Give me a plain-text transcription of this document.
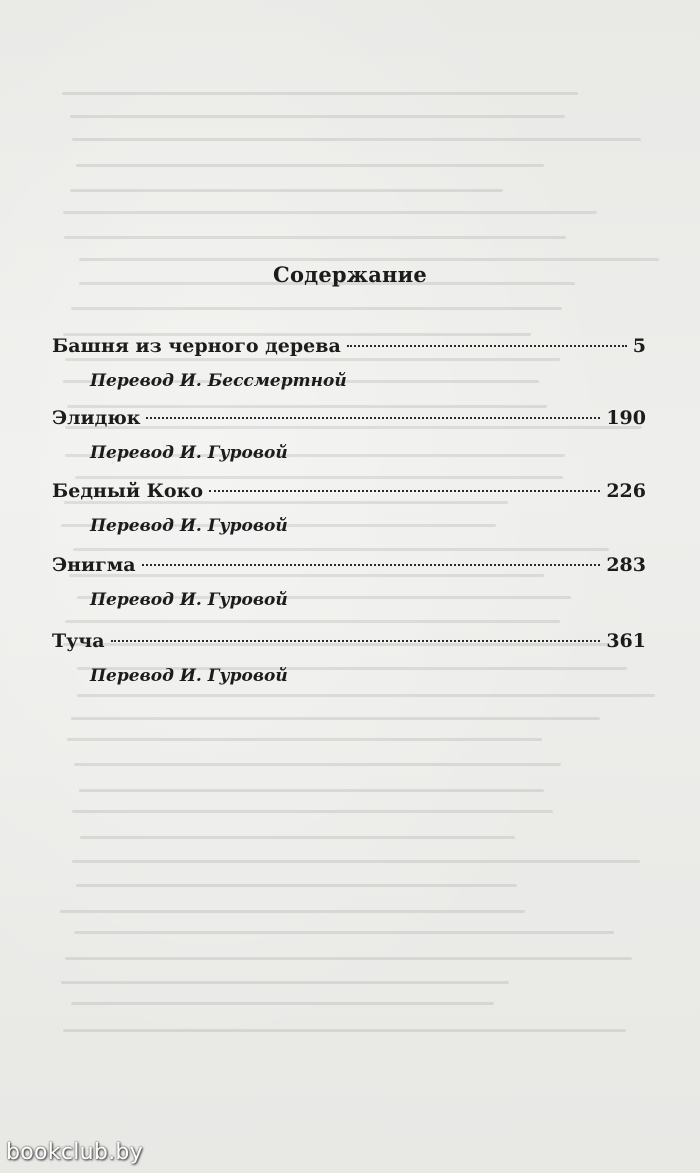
Содержание
Башня из черного дерева	5
Перевод И. Бессмертной
Элидюк	190
Перевод И. Гуровой
Бедный Коко	226
Перевод И. Гуровой
Энигма	283
Перевод И. Гуровой
Туча	361
Перевод И. Гуровой
bookclub.by
